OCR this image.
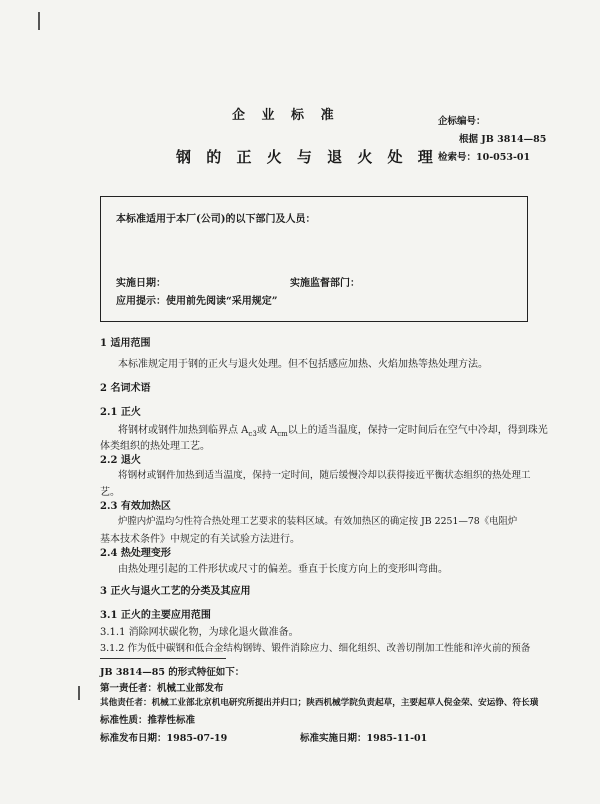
企 业 标 准
钢 的 正 火 与 退 火 处 理
企标编号：
根据 JB 3814—85
检索号：10-053-01
本标准适用于本厂(公司)的以下部门及人员：
实施日期：	实施监督部门：
应用提示：使用前先阅读“采用规定”
1 适用范围
本标准规定用于钢的正火与退火处理。但不包括感应加热、火焰加热等热处理方法。
2 名词术语
2.1 正火
将钢材或钢件加热到临界点 $A_{c3}$或 $A_{cm}$以上的适当温度，保持一定时间后在空气中冷却，得到珠光
体类组织的热处理工艺。
2.2 退火
将钢材或钢件加热到适当温度，保持一定时间，随后缓慢冷却以获得接近平衡状态组织的热处理工
艺。
2.3 有效加热区
炉膛内炉温均匀性符合热处理工艺要求的装料区域。有效加热区的确定按 JB 2251—78《电阻炉
基本技术条件》中规定的有关试验方法进行。
2.4 热处理变形
由热处理引起的工件形状或尺寸的偏差。垂直于长度方向上的变形叫弯曲。
3 正火与退火工艺的分类及其应用
3.1 正火的主要应用范围
3.1.1 消除网状碳化物，为球化退火做准备。
3.1.2 作为低中碳钢和低合金结构钢铸、锻件消除应力、细化组织、改善切削加工性能和淬火前的预备
JB 3814—85 的形式特征如下：
第一责任者：机械工业部发布
其他责任者：机械工业部北京机电研究所提出并归口；陕西机械学院负责起草，主要起草人倪金荣、安运铮、符长璜
标准性质：推荐性标准
标准发布日期：1985-07-19	标准实施日期：1985-11-01
